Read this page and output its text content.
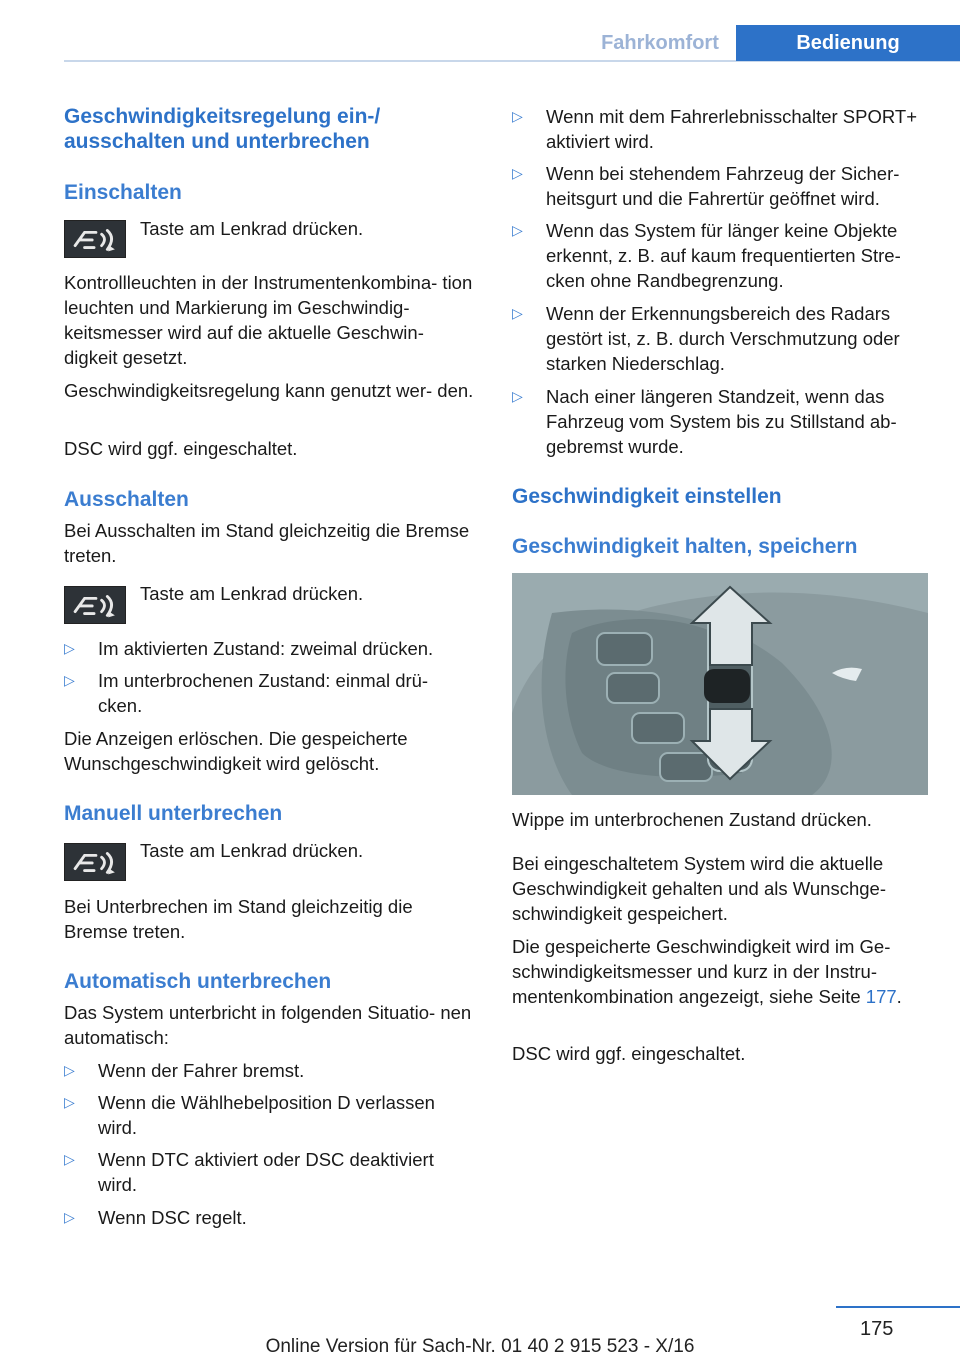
Fahrkomfort	Bedienung
Geschwindigkeitsregelung ein-/ ausschalten und unterbrechen
Einschalten

Taste am Lenkrad drücken.

Kontrollleuchten in der Instrumentenkombina‐ tion leuchten und Markierung im Geschwindig‐ keitsmesser wird auf die aktuelle Geschwin‐ digkeit gesetzt.

Geschwindigkeitsregelung kann genutzt wer‐ den.

DSC wird ggf. eingeschaltet.

Ausschalten

Bei Ausschalten im Stand gleichzeitig die Bremse treten.

Taste am Lenkrad drücken.

▷ Im aktivierten Zustand: zweimal drücken.
▷ Im unterbrochenen Zustand: einmal drü‐ cken.

Die Anzeigen erlöschen. Die gespeicherte Wunschgeschwindigkeit wird gelöscht.

Manuell unterbrechen

Taste am Lenkrad drücken.

Bei Unterbrechen im Stand gleichzeitig die Bremse treten.

Automatisch unterbrechen

Das System unterbricht in folgenden Situatio‐ nen automatisch:

▷ Wenn der Fahrer bremst.
▷ Wenn die Wählhebelposition D verlassen wird.
▷ Wenn DTC aktiviert oder DSC deaktiviert wird.
▷ Wenn DSC regelt.
▷ Wenn mit dem Fahrerlebnisschalter SPORT+ aktiviert wird.
▷ Wenn bei stehendem Fahrzeug der Sicher‐ heitsgurt und die Fahrertür geöffnet wird.
▷ Wenn das System für länger keine Objekte erkennt, z. B. auf kaum frequentierten Stre‐ cken ohne Randbegrenzung.
▷ Wenn der Erkennungsbereich des Radars gestört ist, z. B. durch Verschmutzung oder starken Niederschlag.
▷ Nach einer längeren Standzeit, wenn das Fahrzeug vom System bis zu Stillstand ab‐ gebremst wurde.
Geschwindigkeit einstellen
Geschwindigkeit halten, speichern

Wippe im unterbrochenen Zustand drücken.

Bei eingeschaltetem System wird die aktuelle Geschwindigkeit gehalten und als Wunschge‐ schwindigkeit gespeichert.

Die gespeicherte Geschwindigkeit wird im Ge‐ schwindigkeitsmesser und kurz in der Instru‐ mentenkombination angezeigt, siehe Seite 177.

DSC wird ggf. eingeschaltet.

175
Online Version für Sach-Nr. 01 40 2 915 523 - X/16
